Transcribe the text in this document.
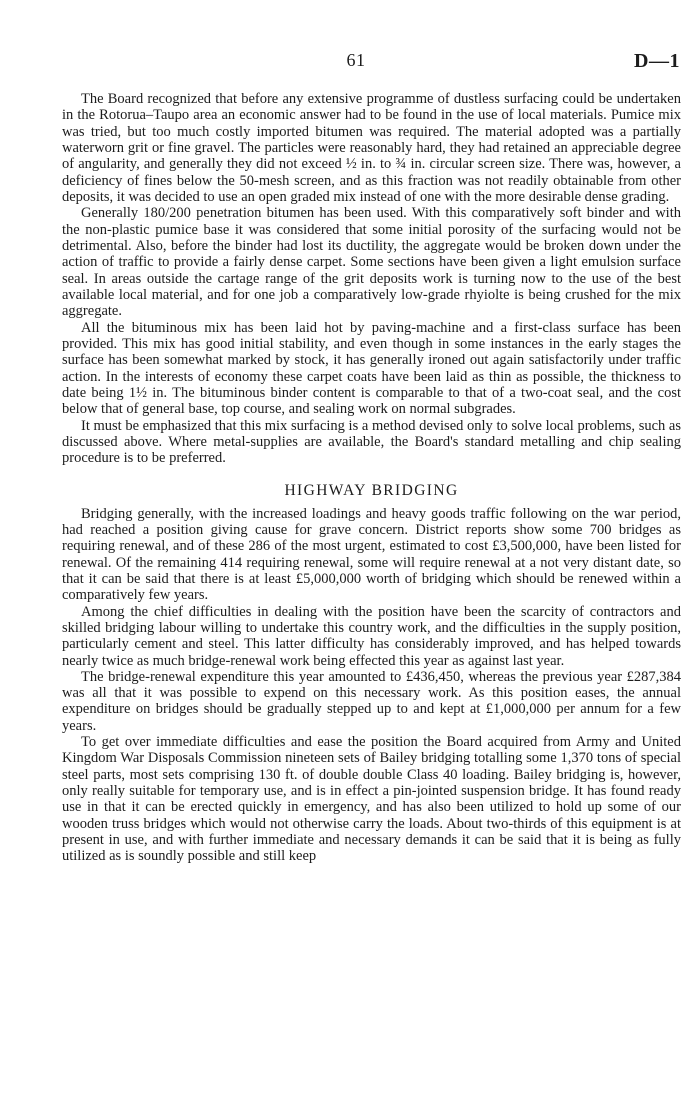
61	D—1

The Board recognized that before any extensive programme of dustless surfacing could be undertaken in the Rotorua–Taupo area an economic answer had to be found in the use of local materials. Pumice mix was tried, but too much costly imported bitumen was required. The material adopted was a partially waterworn grit or fine gravel. The particles were reasonably hard, they had retained an appreciable degree of angularity, and generally they did not exceed ½ in. to ¾ in. circular screen size. There was, however, a deficiency of fines below the 50-mesh screen, and as this fraction was not readily obtainable from other deposits, it was decided to use an open graded mix instead of one with the more desirable dense grading.

Generally 180/200 penetration bitumen has been used. With this comparatively soft binder and with the non-plastic pumice base it was considered that some initial porosity of the surfacing would not be detrimental. Also, before the binder had lost its ductility, the aggregate would be broken down under the action of traffic to provide a fairly dense carpet. Some sections have been given a light emulsion surface seal. In areas outside the cartage range of the grit deposits work is turning now to the use of the best available local material, and for one job a comparatively low-grade rhyiolte is being crushed for the mix aggregate.

All the bituminous mix has been laid hot by paving-machine and a first-class surface has been provided. This mix has good initial stability, and even though in some instances in the early stages the surface has been somewhat marked by stock, it has generally ironed out again satisfactorily under traffic action. In the interests of economy these carpet coats have been laid as thin as possible, the thickness to date being 1½ in. The bituminous binder content is comparable to that of a two-coat seal, and the cost below that of general base, top course, and sealing work on normal subgrades.

It must be emphasized that this mix surfacing is a method devised only to solve local problems, such as discussed above. Where metal-supplies are available, the Board's standard metalling and chip sealing procedure is to be preferred.

HIGHWAY BRIDGING

Bridging generally, with the increased loadings and heavy goods traffic following on the war period, had reached a position giving cause for grave concern. District reports show some 700 bridges as requiring renewal, and of these 286 of the most urgent, estimated to cost £3,500,000, have been listed for renewal. Of the remaining 414 requiring renewal, some will require renewal at a not very distant date, so that it can be said that there is at least £5,000,000 worth of bridging which should be renewed within a comparatively few years.

Among the chief difficulties in dealing with the position have been the scarcity of contractors and skilled bridging labour willing to undertake this country work, and the difficulties in the supply position, particularly cement and steel. This latter difficulty has considerably improved, and has helped towards nearly twice as much bridge-renewal work being effected this year as against last year.

The bridge-renewal expenditure this year amounted to £436,450, whereas the previous year £287,384 was all that it was possible to expend on this necessary work. As this position eases, the annual expenditure on bridges should be gradually stepped up to and kept at £1,000,000 per annum for a few years.

To get over immediate difficulties and ease the position the Board acquired from Army and United Kingdom War Disposals Commission nineteen sets of Bailey bridging totalling some 1,370 tons of special steel parts, most sets comprising 130 ft. of double double Class 40 loading. Bailey bridging is, however, only really suitable for temporary use, and is in effect a pin-jointed suspension bridge. It has found ready use in that it can be erected quickly in emergency, and has also been utilized to hold up some of our wooden truss bridges which would not otherwise carry the loads. About two-thirds of this equipment is at present in use, and with further immediate and necessary demands it can be said that it is being as fully utilized as is soundly possible and still keep
